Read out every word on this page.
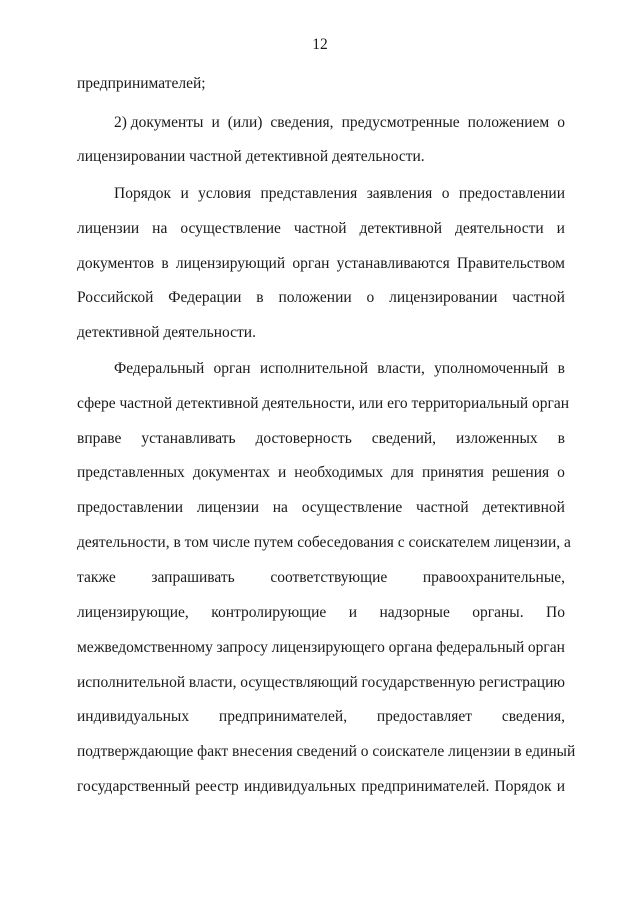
12
предпринимателей;
2) документы и (или) сведения, предусмотренные положением о
лицензировании частной детективной деятельности.
Порядок и условия представления заявления о предоставлении
лицензии на осуществление частной детективной деятельности и
документов в лицензирующий орган устанавливаются Правительством
Российской Федерации в положении о лицензировании частной
детективной деятельности.
Федеральный орган исполнительной власти, уполномоченный в
сфере частной детективной деятельности, или его территориальный орган
вправе устанавливать достоверность сведений, изложенных в
представленных документах и необходимых для принятия решения о
предоставлении лицензии на осуществление частной детективной
деятельности, в том числе путем собеседования с соискателем лицензии, а
также запрашивать соответствующие правоохранительные,
лицензирующие, контролирующие и надзорные органы. По
межведомственному запросу лицензирующего органа федеральный орган
исполнительной власти, осуществляющий государственную регистрацию
индивидуальных предпринимателей, предоставляет сведения,
подтверждающие факт внесения сведений о соискателе лицензии в единый
государственный реестр индивидуальных предпринимателей. Порядок и
